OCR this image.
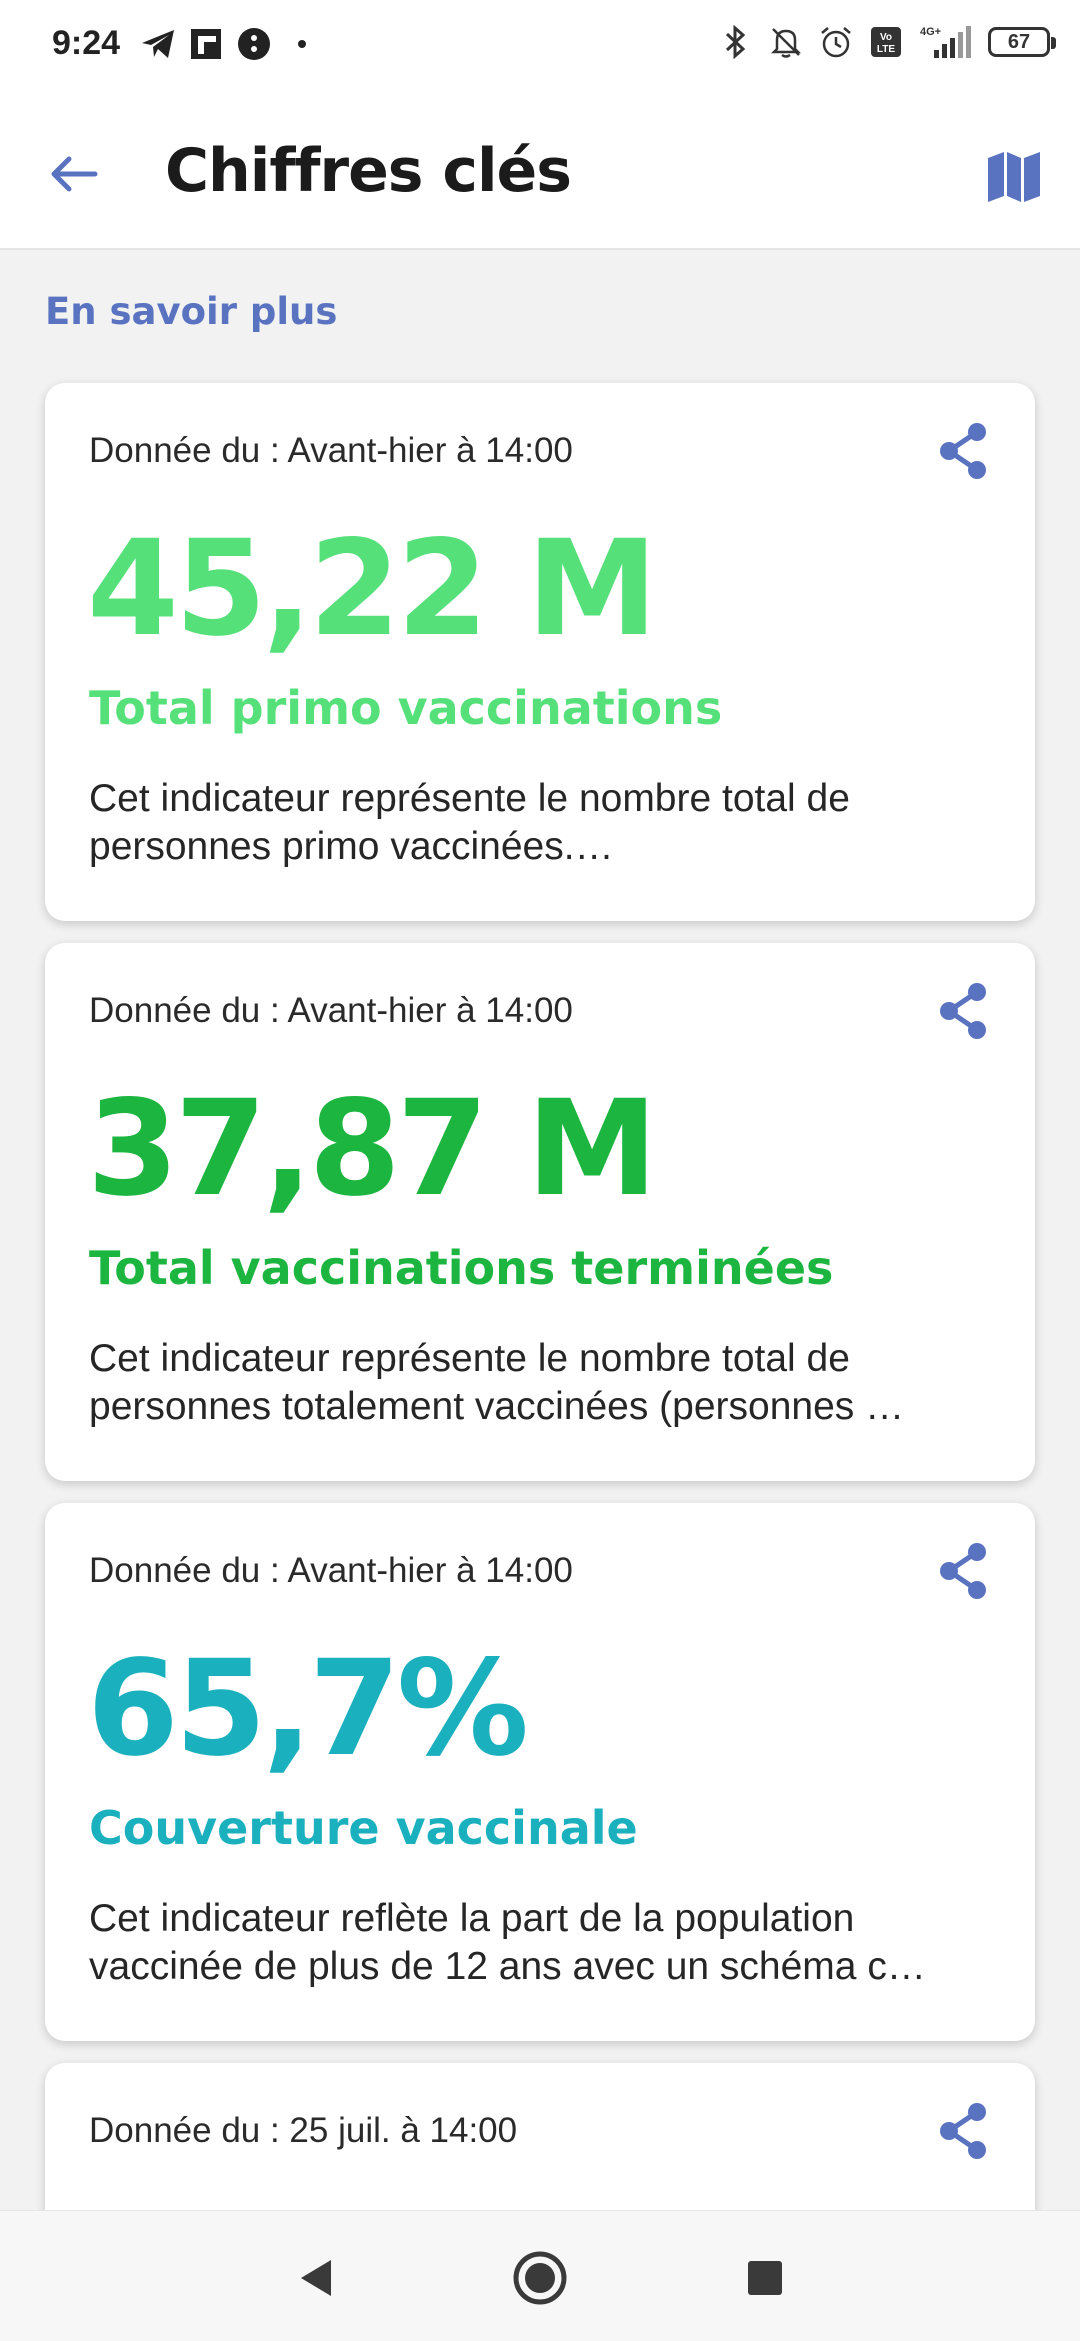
9:24	Vo
LTE
4G+	67
Chiffres clés
En savoir plus
Donnée du : Avant-hier à 14:00
45,22 M
Total primo vaccinations
Cet indicateur représente le nombre total de
personnes primo vaccinées.…
Donnée du : Avant-hier à 14:00
37,87 M
Total vaccinations terminées
Cet indicateur représente le nombre total de
personnes totalement vaccinées (personnes …
Donnée du : Avant-hier à 14:00
65,7%
Couverture vaccinale
Cet indicateur reflète la part de la population
vaccinée de plus de 12 ans avec un schéma c…
Donnée du : 25 juil. à 14:00
